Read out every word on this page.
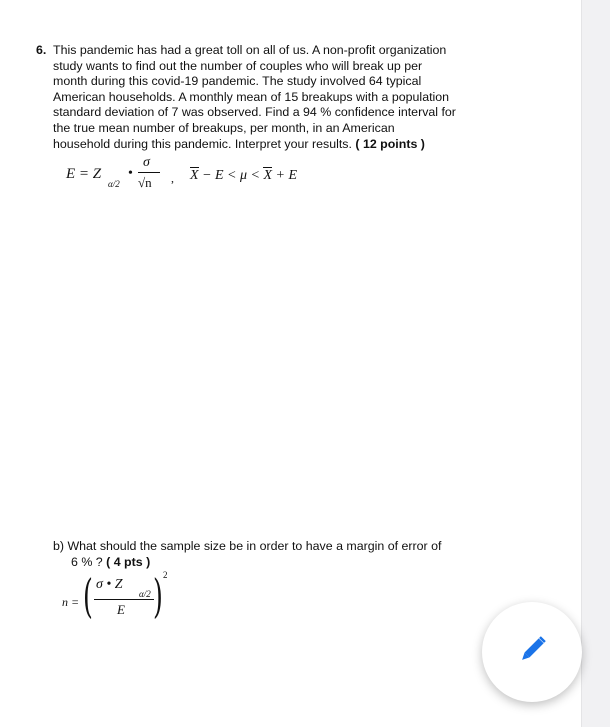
6. This pandemic has had a great toll on all of us. A non-profit organization
study wants to find out the number of couples who will break up per
month during this covid-19 pandemic. The study involved 64 typical
American households. A monthly mean of 15 breakups with a population
standard deviation of 7 was observed. Find a 94 % confidence interval for
the true mean number of breakups, per month, in an American
household during this pandemic. Interpret your results. ( 12 points )
E = Z
α/2
•
σ
√n , X − E < μ < X + E
b) What should the sample size be in order to have a margin of error of
6 % ? ( 4 pts )
n = ( σ • Z
α/2
E ) 2
